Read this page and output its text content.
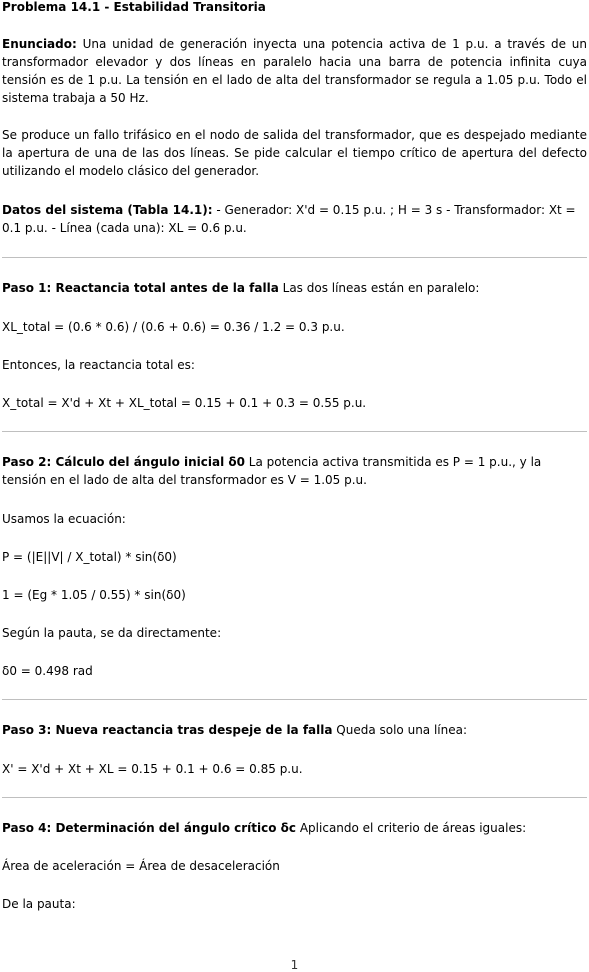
Problema 14.1 - Estabilidad Transitoria
Enunciado: Una unidad de generación inyecta una potencia activa de 1 p.u. a través de un transformador elevador y dos líneas en paralelo hacia una barra de potencia infinita cuya tensión es de 1 p.u. La tensión en el lado de alta del transformador se regula a 1.05 p.u. Todo el sistema trabaja a 50 Hz.
Se produce un fallo trifásico en el nodo de salida del transformador, que es despejado mediante la apertura de una de las dos líneas. Se pide calcular el tiempo crítico de apertura del defecto utilizando el modelo clásico del generador.
Datos del sistema (Tabla 14.1): - Generador: X'd = 0.15 p.u. ; H = 3 s - Transformador: Xt = 0.1 p.u. - Línea (cada una): XL = 0.6 p.u.
Paso 1: Reactancia total antes de la falla Las dos líneas están en paralelo:
XL_total = (0.6 * 0.6) / (0.6 + 0.6) = 0.36 / 1.2 = 0.3 p.u.
Entonces, la reactancia total es:
X_total = X'd + Xt + XL_total = 0.15 + 0.1 + 0.3 = 0.55 p.u.
Paso 2: Cálculo del ángulo inicial δ0 La potencia activa transmitida es P = 1 p.u., y la tensión en el lado de alta del transformador es V = 1.05 p.u.
Usamos la ecuación:
P = (|E||V| / X_total) * sin(δ0)
1 = (Eg * 1.05 / 0.55) * sin(δ0)
Según la pauta, se da directamente:
δ0 = 0.498 rad
Paso 3: Nueva reactancia tras despeje de la falla Queda solo una línea:
X' = X'd + Xt + XL = 0.15 + 0.1 + 0.6 = 0.85 p.u.
Paso 4: Determinación del ángulo crítico δc Aplicando el criterio de áreas iguales:
Área de aceleración = Área de desaceleración
De la pauta:
1
